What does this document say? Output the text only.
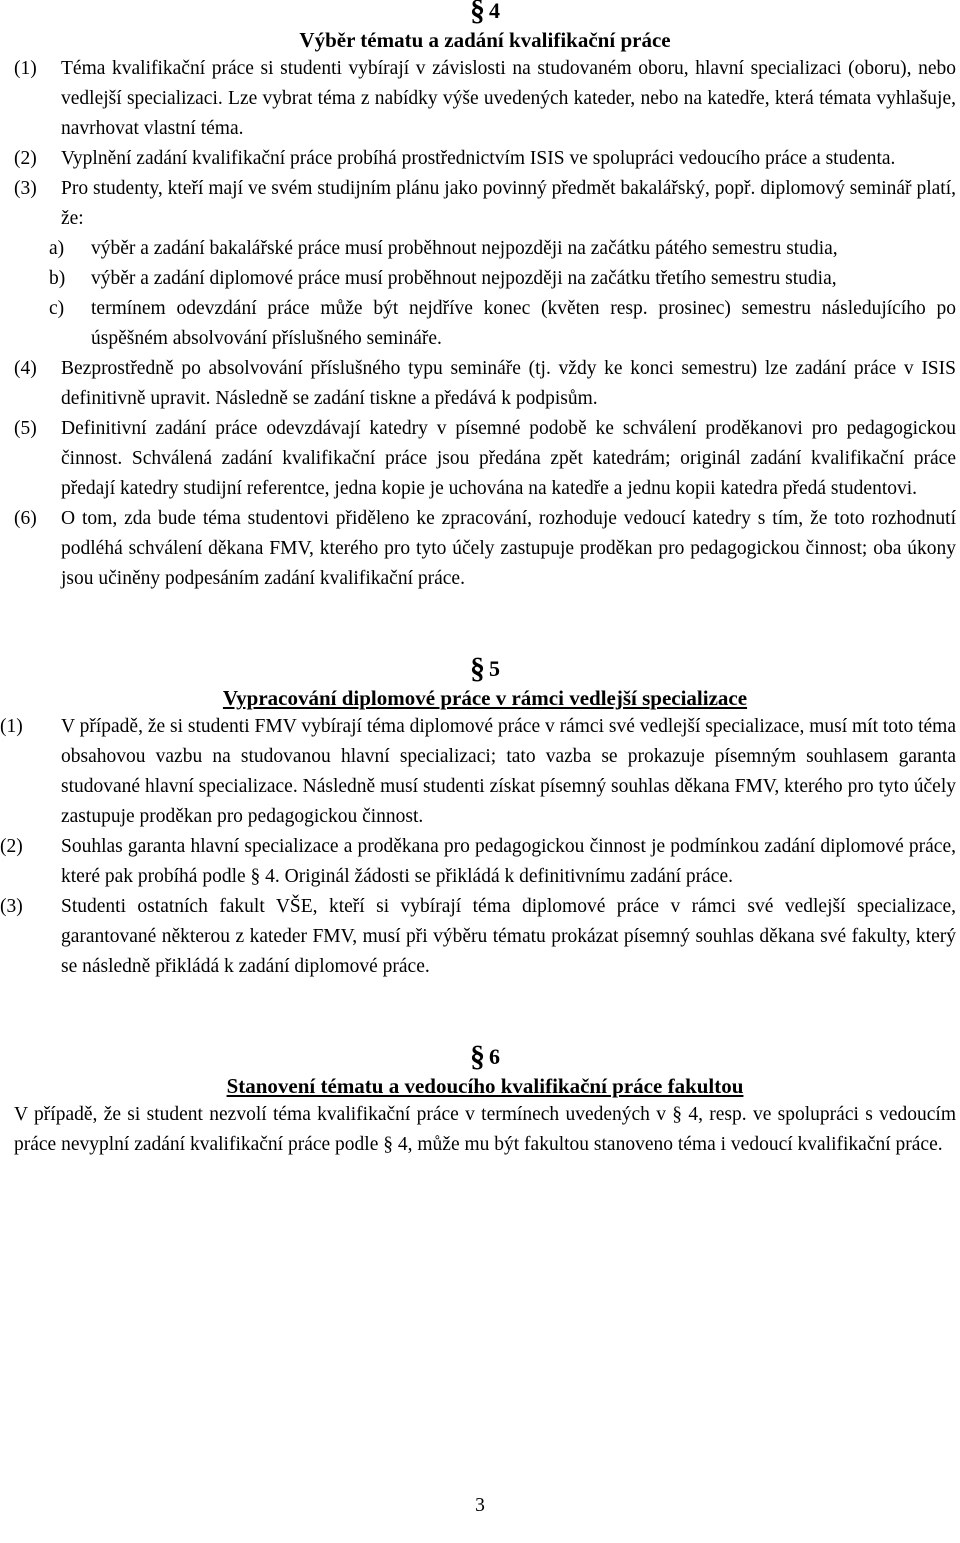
§ 4
Výběr tématu a zadání kvalifikační práce
(1)	Téma kvalifikační práce si studenti vybírají v závislosti na studovaném oboru, hlavní specializaci (oboru), nebo vedlejší specializaci. Lze vybrat téma z nabídky výše uvedených kateder, nebo na katedře, která témata vyhlašuje, navrhovat vlastní téma.
(2)	Vyplnění zadání kvalifikační práce probíhá prostřednictvím ISIS ve spolupráci vedoucího práce a studenta.
(3)	Pro studenty, kteří mají ve svém studijním plánu jako povinný předmět bakalářský, popř. diplomový seminář platí, že:
a)	výběr a zadání bakalářské práce musí proběhnout nejpozději na začátku pátého semestru studia,
b)	výběr a zadání diplomové práce musí proběhnout nejpozději na začátku třetího semestru studia,
c)	termínem odevzdání práce může být nejdříve konec (květen resp. prosinec) semestru následujícího po úspěšném absolvování příslušného semináře.
(4)	Bezprostředně po absolvování příslušného typu semináře (tj. vždy ke konci semestru) lze zadání práce v ISIS definitivně upravit. Následně se zadání tiskne a předává k podpisům.
(5)	Definitivní zadání práce odevzdávají katedry v písemné podobě ke schválení proděkanovi pro pedagogickou činnost. Schválená zadání kvalifikační práce jsou předána zpět katedrám; originál zadání kvalifikační práce předají katedry studijní referentce, jedna kopie je uchována na katedře a jednu kopii katedra předá studentovi.
(6)	O tom, zda bude téma studentovi přiděleno ke zpracování, rozhoduje vedoucí katedry s tím, že toto rozhodnutí podléhá schválení děkana FMV, kterého pro tyto účely zastupuje proděkan pro pedagogickou činnost; oba úkony jsou učiněny podpesáním zadání kvalifikační práce.
§ 5
Vypracování diplomové práce v rámci vedlejší specializace
(1)	V případě, že si studenti FMV vybírají téma diplomové práce v rámci své vedlejší specializace, musí mít toto téma obsahovou vazbu na studovanou hlavní specializaci; tato vazba se prokazuje písemným souhlasem garanta studované hlavní specializace. Následně musí studenti získat písemný souhlas děkana FMV, kterého pro tyto účely zastupuje proděkan pro pedagogickou činnost.
(2)	Souhlas garanta hlavní specializace a proděkana pro pedagogickou činnost je podmínkou zadání diplomové práce, které pak probíhá podle § 4. Originál žádosti se přikládá k definitivnímu zadání práce.
(3)	Studenti ostatních fakult VŠE, kteří si vybírají téma diplomové práce v rámci své vedlejší specializace, garantované některou z kateder FMV, musí při výběru tématu prokázat písemný souhlas děkana své fakulty, který se následně přikládá k zadání diplomové práce.
§ 6
Stanovení tématu a vedoucího kvalifikační práce fakultou
V případě, že si student nezvolí téma kvalifikační práce v termínech uvedených v § 4, resp. ve spolupráci s vedoucím práce nevyplní zadání kvalifikační práce podle § 4, může mu být fakultou stanoveno téma i vedoucí kvalifikační práce.
3
